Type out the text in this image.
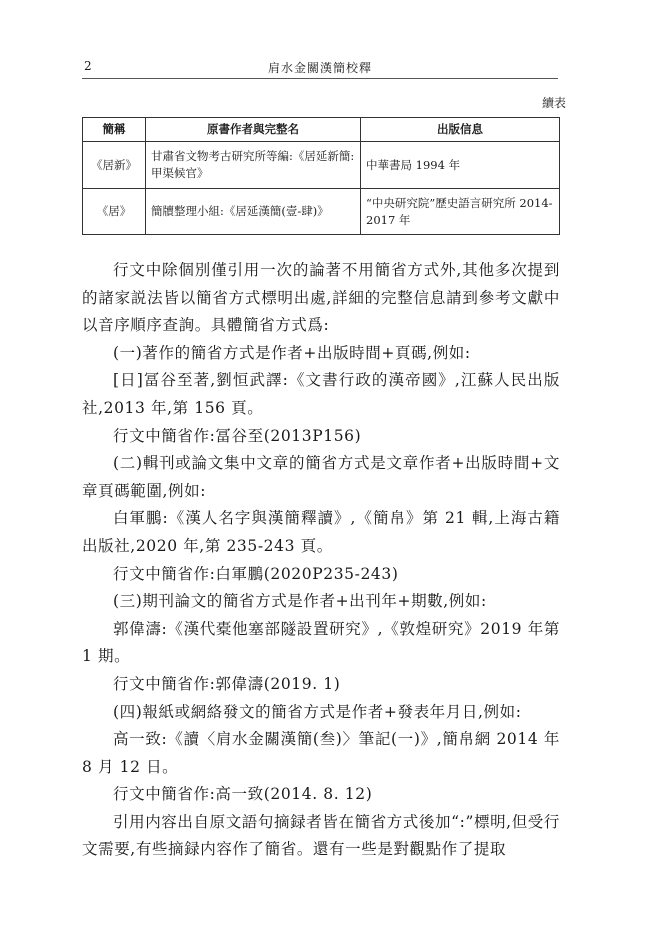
2	肩水金關漢簡校釋
續表
簡稱	原書作者與完整名	出版信息
《居新》	甘肅省文物考古研究所等編:《居延新簡:甲渠候官》	中華書局 1994 年
《居》	簡牘整理小組:《居延漢簡(壹-肆)》	“中央研究院”歷史語言研究所 2014-2017 年

行文中除個別僅引用一次的論著不用簡省方式外,其他多次提到的諸家説法皆以簡省方式標明出處,詳細的完整信息請到參考文獻中以音序順序查詢。具體簡省方式爲:

(一)著作的簡省方式是作者+出版時間+頁碼,例如:

[日]冨谷至著,劉恒武譯:《文書行政的漢帝國》,江蘇人民出版社,2013 年,第 156 頁。

行文中簡省作:冨谷至(2013P156)

(二)輯刊或論文集中文章的簡省方式是文章作者+出版時間+文章頁碼範圍,例如:

白軍鵬:《漢人名字與漢簡釋讀》,《簡帛》第 21 輯,上海古籍出版社,2020 年,第 235-243 頁。

行文中簡省作:白軍鵬(2020P235-243)

(三)期刊論文的簡省方式是作者+出刊年+期數,例如:

郭偉濤:《漢代橐他塞部隧設置研究》,《敦煌研究》2019 年第 1 期。

行文中簡省作:郭偉濤(2019. 1)

(四)報紙或網絡發文的簡省方式是作者+發表年月日,例如:

高一致:《讀〈肩水金關漢簡(叁)〉筆記(一)》,簡帛網 2014 年 8 月 12 日。

行文中簡省作:高一致(2014. 8. 12)

引用内容出自原文語句摘録者皆在簡省方式後加“:”標明,但受行文需要,有些摘録内容作了簡省。還有一些是對觀點作了提取
